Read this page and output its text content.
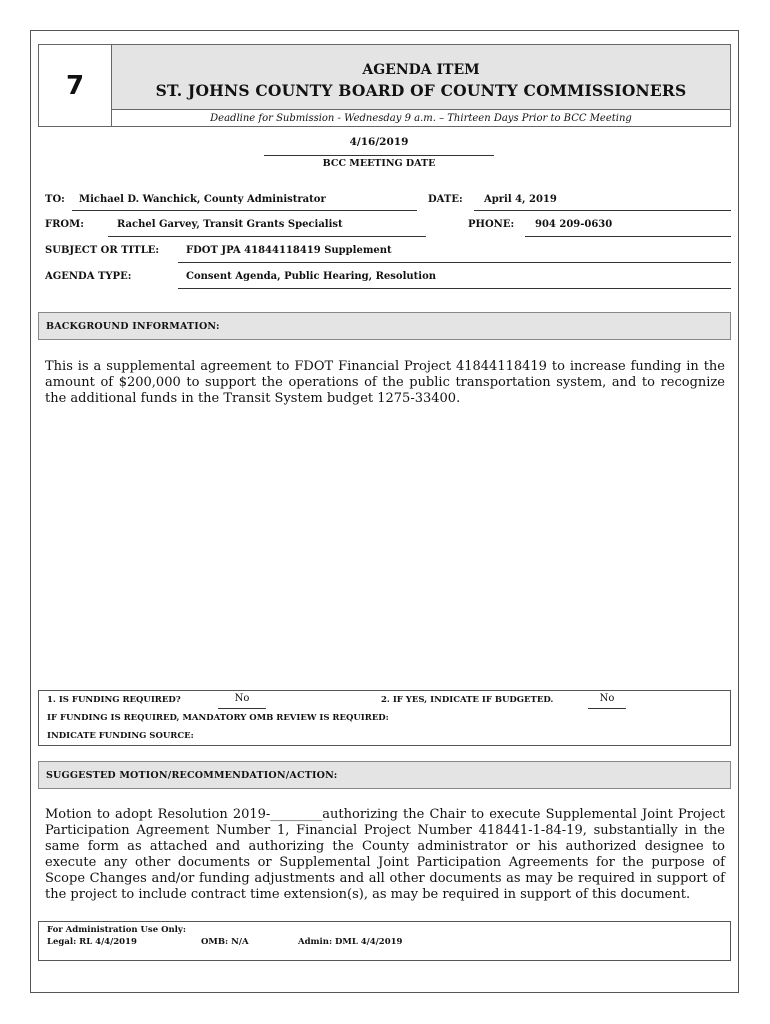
7
AGENDA ITEM
ST. JOHNS COUNTY BOARD OF COUNTY COMMISSIONERS
Deadline for Submission - Wednesday 9 a.m. – Thirteen Days Prior to BCC Meeting
4/16/2019
BCC MEETING DATE
TO: Michael D. Wanchick, County Administrator	DATE: April 4, 2019
FROM:	Rachel Garvey, Transit Grants Specialist	PHONE: 904 209-0630
SUBJECT OR TITLE:	FDOT JPA 41844118419 Supplement
AGENDA TYPE:	Consent Agenda, Public Hearing, Resolution
BACKGROUND INFORMATION:
This is a supplemental agreement to FDOT Financial Project 41844118419 to increase funding in the amount of $200,000 to support the operations of the public transportation system, and to recognize the additional funds in the Transit System budget 1275-33400.
1. IS FUNDING REQUIRED?	No	2. IF YES, INDICATE IF BUDGETED.	No
IF FUNDING IS REQUIRED, MANDATORY OMB REVIEW IS REQUIRED:
INDICATE FUNDING SOURCE:
SUGGESTED MOTION/RECOMMENDATION/ACTION:
Motion to adopt Resolution 2019-________authorizing the Chair to execute Supplemental Joint Project Participation Agreement Number 1, Financial Project Number 418441-1-84-19, substantially in the same form as attached and authorizing the County administrator or his authorized designee to execute any other documents or Supplemental Joint Participation Agreements for the purpose of Scope Changes and/or funding adjustments and all other documents as may be required in support of the project to include contract time extension(s), as may be required in support of this document.
For Administration Use Only:
Legal: RL 4/4/2019	OMB: N/A	Admin: DML 4/4/2019
